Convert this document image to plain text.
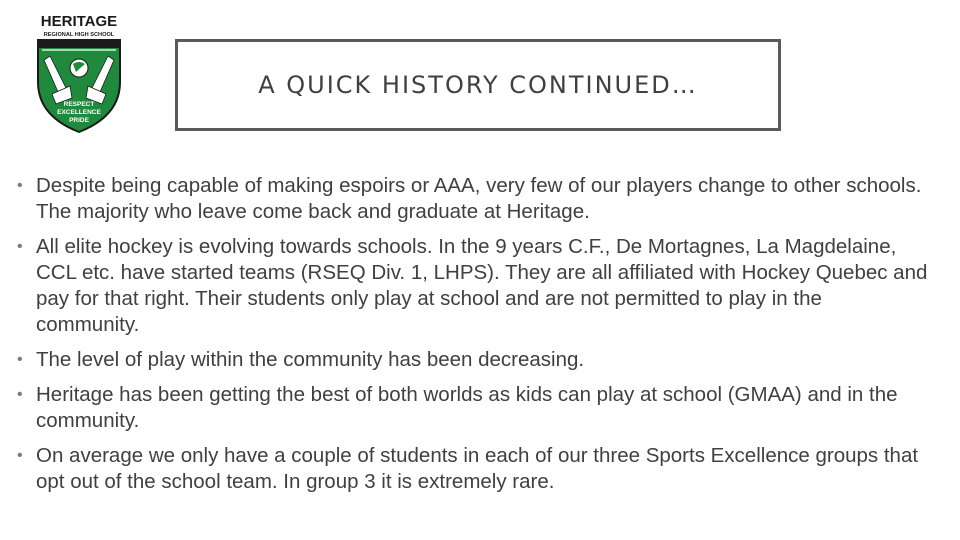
HERITAGE
REGIONAL HIGH SCHOOL
RESPECT
EXCELLENCE
PRIDE
A QUICK HISTORY CONTINUED…
• Despite being capable of making espoirs or AAA, very few of our players change to other schools. The majority who leave come back and graduate at Heritage.
• All elite hockey is evolving towards schools. In the 9 years C.F., De Mortagnes, La Magdelaine, CCL etc. have started teams (RSEQ Div. 1, LHPS). They are all affiliated with Hockey Quebec and pay for that right. Their students only play at school and are not permitted to play in the community.
• The level of play within the community has been decreasing.
• Heritage has been getting the best of both worlds as kids can play at school (GMAA) and in the community.
• On average we only have a couple of students in each of our three Sports Excellence groups that opt out of the school team. In group 3 it is extremely rare.
